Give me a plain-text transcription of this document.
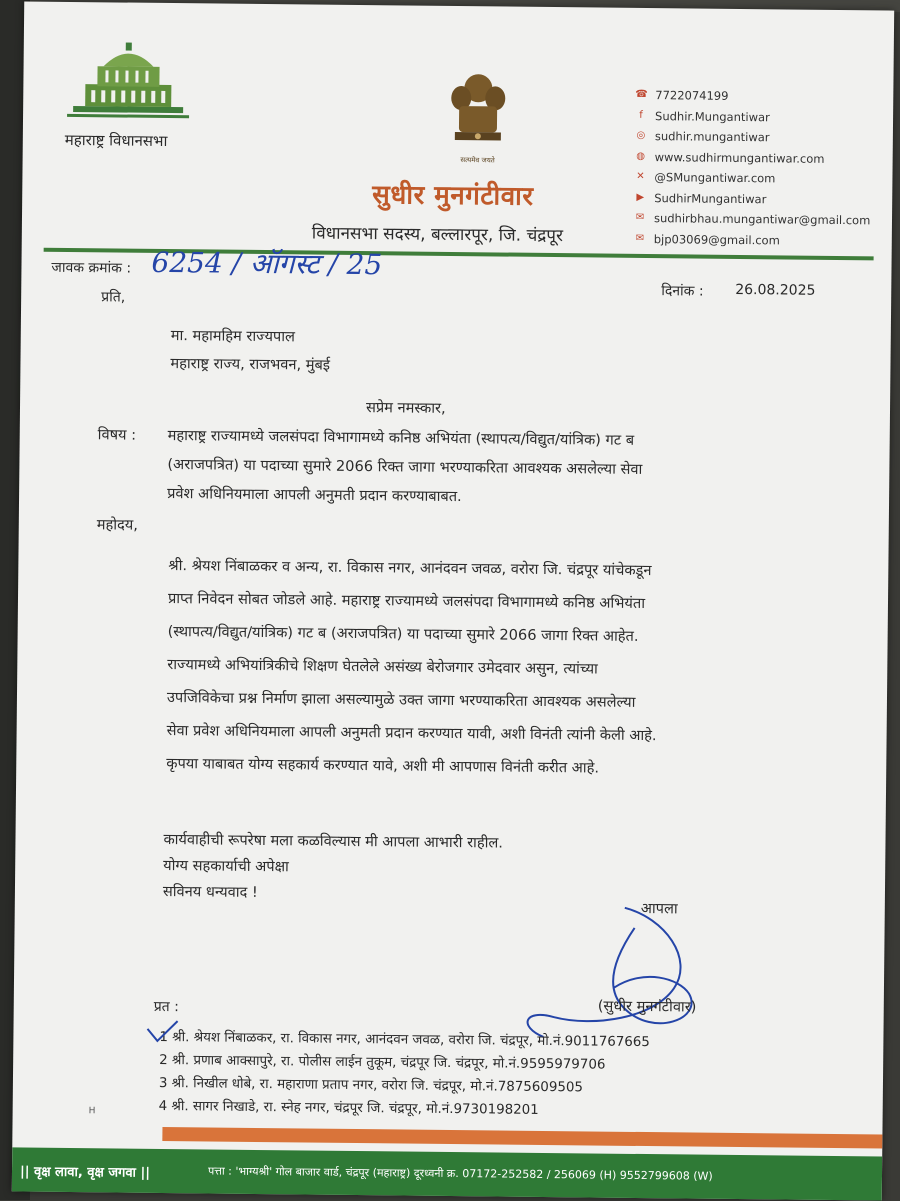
महाराष्ट्र विधानसभा
सत्यमेव जयते
सुधीर मुनगंटीवार
विधानसभा सदस्य, बल्लारपूर, जि. चंद्रपूर
☎ 7722074199
f	Sudhir.Mungantiwar
◎ sudhir.mungantiwar
◍ www.sudhirmungantiwar.com
✕ @SMungantiwar.com
▶ SudhirMungantiwar
✉ sudhirbhau.mungantiwar@gmail.com
✉ bjp03069@gmail.com
जावक क्रमांक : 6254 / ऑगस्ट / 25
प्रति,	दिनांक : 26.08.2025
मा. महामहिम राज्यपाल
महाराष्ट्र राज्य, राजभवन, मुंबई
सप्रेम नमस्कार,
विषय : महाराष्ट्र राज्यामध्ये जलसंपदा विभागामध्ये कनिष्ठ अभियंता (स्थापत्य/विद्युत/यांत्रिक) गट ब
(अराजपत्रित) या पदाच्या सुमारे 2066 रिक्त जागा भरण्याकरिता आवश्यक असलेल्या सेवा
प्रवेश अधिनियमाला आपली अनुमती प्रदान करण्याबाबत.
महोदय,
श्री. श्रेयश निंबाळकर व अन्य, रा. विकास नगर, आनंदवन जवळ, वरोरा जि. चंद्रपूर यांचेकडून
प्राप्त निवेदन सोबत जोडले आहे. महाराष्ट्र राज्यामध्ये जलसंपदा विभागामध्ये कनिष्ठ अभियंता
(स्थापत्य/विद्युत/यांत्रिक) गट ब (अराजपत्रित) या पदाच्या सुमारे 2066 जागा रिक्त आहेत.
राज्यामध्ये अभियांत्रिकीचे शिक्षण घेतलेले असंख्य बेरोजगार उमेदवार असुन, त्यांच्या
उपजिविकेचा प्रश्न निर्माण झाला असल्यामुळे उक्त जागा भरण्याकरिता आवश्यक असलेल्या
सेवा प्रवेश अधिनियमाला आपली अनुमती प्रदान करण्यात यावी, अशी विनंती त्यांनी केली आहे.
कृपया याबाबत योग्य सहकार्य करण्यात यावे, अशी मी आपणास विनंती करीत आहे.
कार्यवाहीची रूपरेषा मला कळविल्यास मी आपला आभारी राहील.
योग्य सहकार्याची अपेक्षा
सविनय धन्यवाद !
आपला
(सुधीर मुनगंटीवार)
प्रत :
1 श्री. श्रेयश निंबाळकर, रा. विकास नगर, आनंदवन जवळ, वरोरा जि. चंद्रपूर, मो.नं.9011767665
2 श्री. प्रणाब आक्सापुरे, रा. पोलीस लाईन तुकूम, चंद्रपूर जि. चंद्रपूर, मो.नं.9595979706
3 श्री. निखील धोबे, रा. महाराणा प्रताप नगर, वरोरा जि. चंद्रपूर, मो.नं.7875609505
4 श्री. सागर निखाडे, रा. स्नेह नगर, चंद्रपूर जि. चंद्रपूर, मो.नं.9730198201
H
|| वृक्ष लावा, वृक्ष जगवा ||	पत्ता : 'भाग्यश्री' गोल बाजार वार्ड, चंद्रपूर (महाराष्ट्र) दूरध्वनी क्र. 07172-252582 / 256069 (H) 9552799608 (W)
